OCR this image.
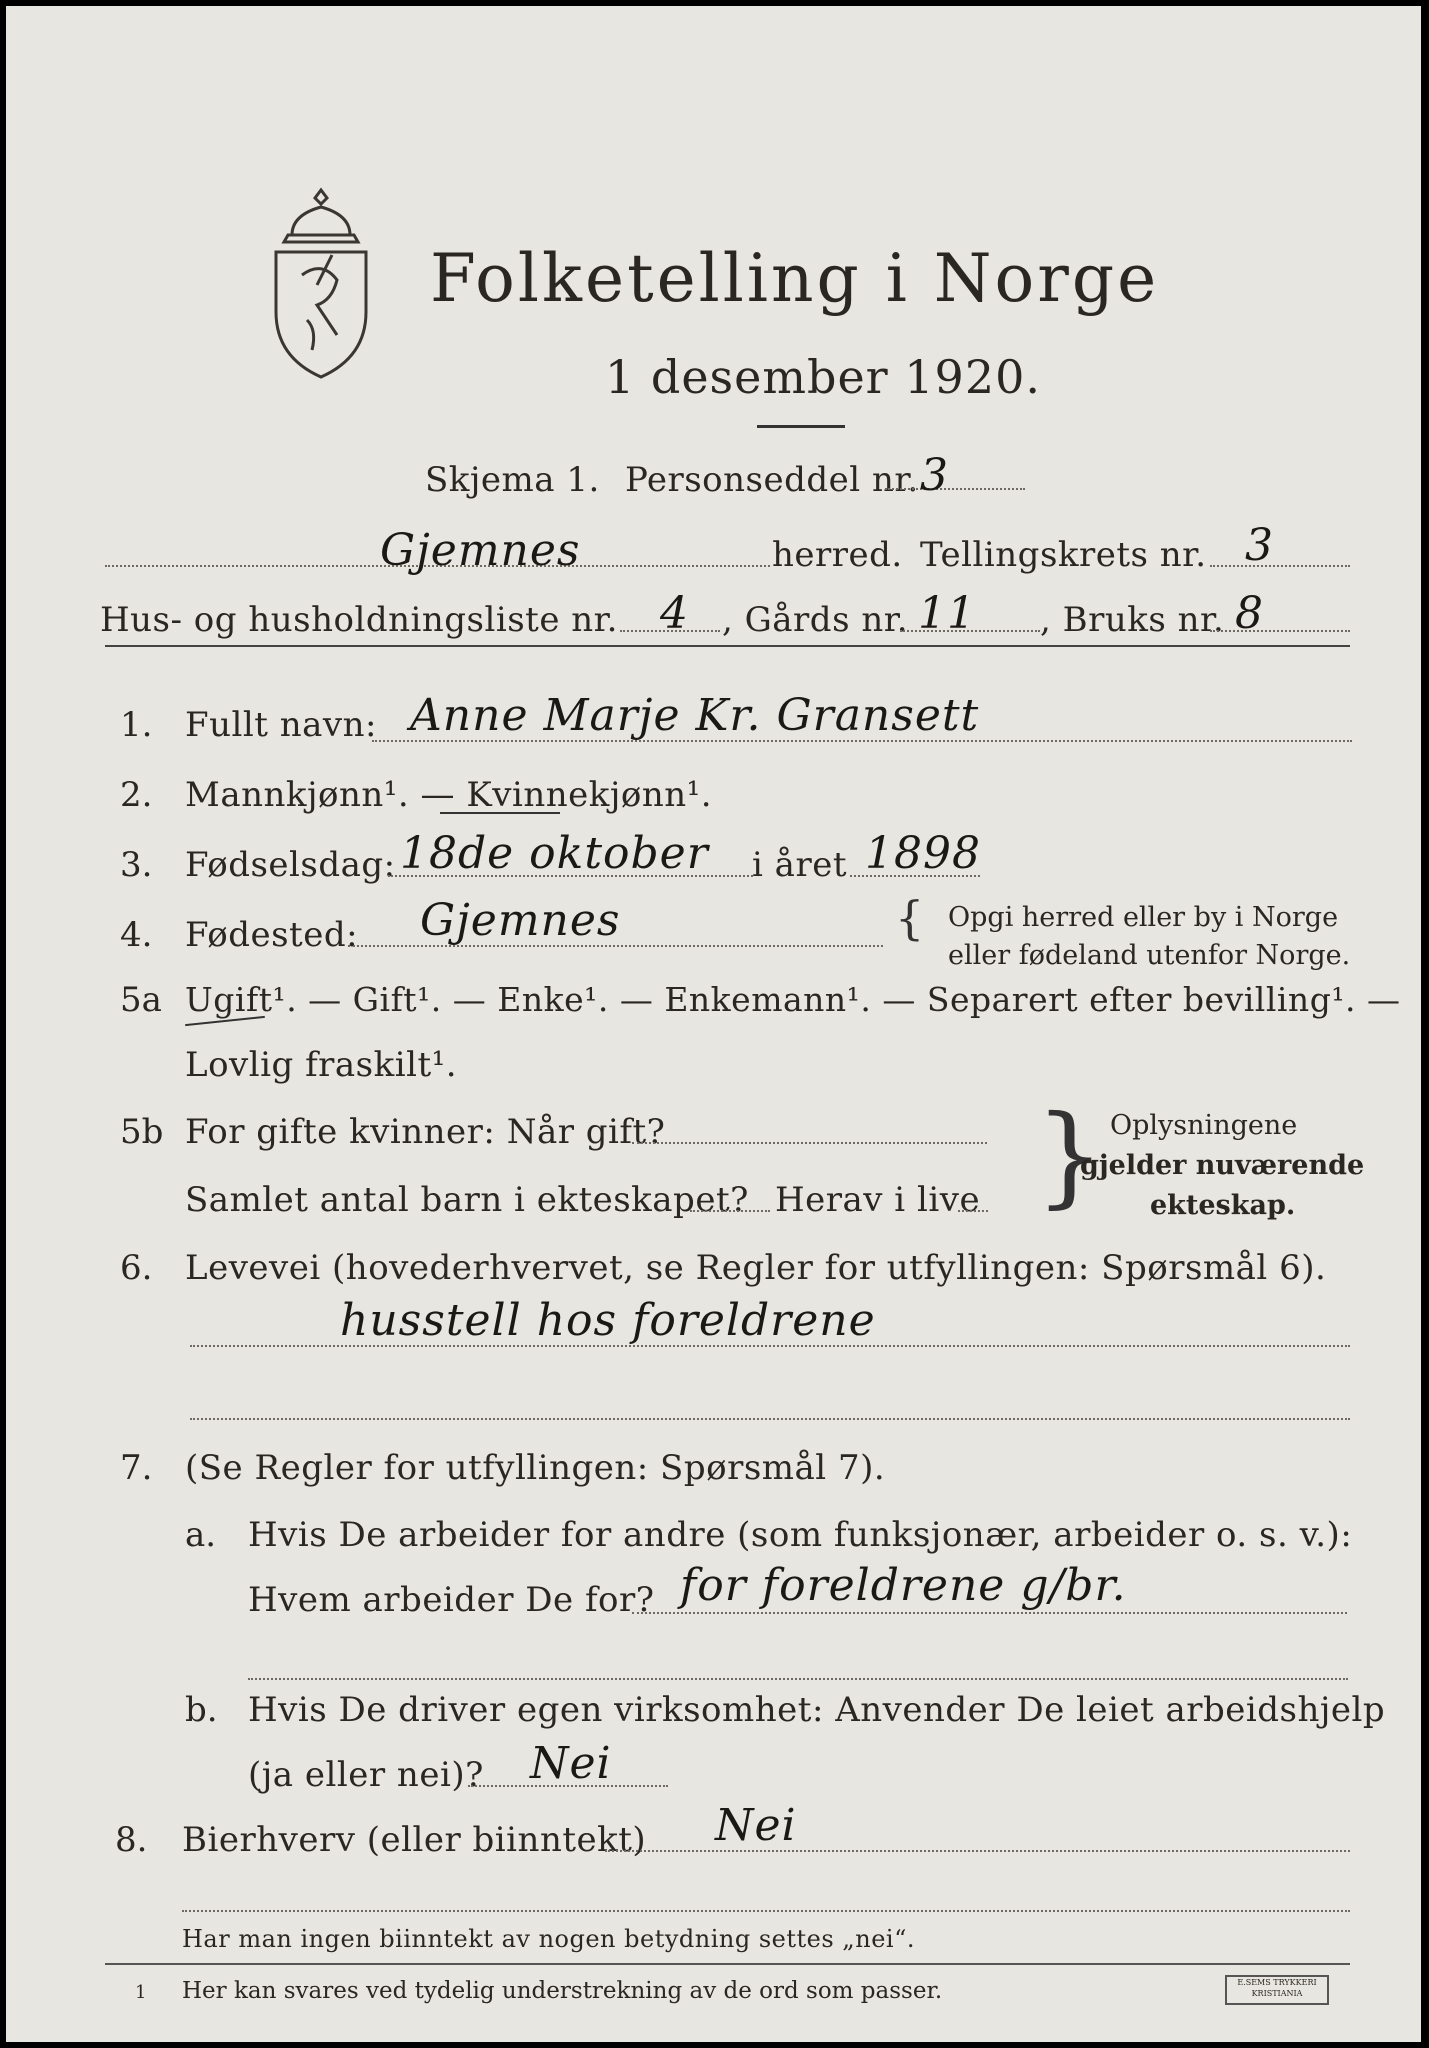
Folketelling i Norge
1 desember 1920.
Skjema 1. Personseddel nr. 3
Gjemnes	herred. Tellingskrets nr. 3
Hus- og husholdningsliste nr. 4 , Gårds nr. 11 , Bruks nr. 8
1. Fullt navn: Anne Marje Kr. Gransett
2. Mannkjønn¹. — Kvinnekjønn¹.
3. Fødselsdag: 18de oktober i året 1898
4. Fødested: Gjemnes	{ Opgi herred eller by i Norge
eller fødeland utenfor Norge.
5a Ugift¹. — Gift¹. — Enke¹. — Enkemann¹. — Separert efter bevilling¹. —
Lovlig fraskilt¹.
5b For gifte kvinner: Når gift?
Samlet antal barn i ekteskapet? Herav i live } Oplysningene
gjelder nuværende
ekteskap.
6. Levevei (hovederhvervet, se Regler for utfyllingen: Spørsmål 6).
husstell hos foreldrene
7. (Se Regler for utfyllingen: Spørsmål 7).
a. Hvis De arbeider for andre (som funksjonær, arbeider o. s. v.):
Hvem arbeider De for? for foreldrene g/br.
b. Hvis De driver egen virksomhet: Anvender De leiet arbeidshjelp
(ja eller nei)? Nei
8. Bierhverv (eller biinntekt) Nei
Har man ingen biinntekt av nogen betydning settes „nei“.
1 Her kan svares ved tydelig understrekning av de ord som passer.	E.SEMS TRYKKERI KRISTIANIA
